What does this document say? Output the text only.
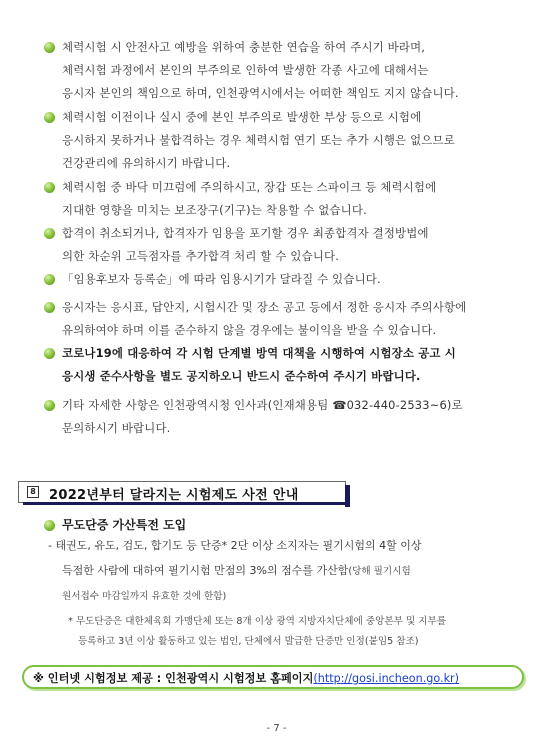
체력시험 시 안전사고 예방을 위하여 충분한 연습을 하여 주시기 바라며,
체력시험 과정에서 본인의 부주의로 인하여 발생한 각종 사고에 대해서는
응시자 본인의 책임으로 하며, 인천광역시에서는 어떠한 책임도 지지 않습니다.
체력시험 이전이나 실시 중에 본인 부주의로 발생한 부상 등으로 시험에
응시하지 못하거나 불합격하는 경우 체력시험 연기 또는 추가 시행은 없으므로
건강관리에 유의하시기 바랍니다.
체력시험 중 바닥 미끄럼에 주의하시고, 장갑 또는 스파이크 등 체력시험에
지대한 영향을 미치는 보조장구(기구)는 착용할 수 없습니다.
합격이 취소되거나, 합격자가 임용을 포기할 경우 최종합격자 결정방법에
의한 차순위 고득점자를 추가합격 처리 할 수 있습니다.
「임용후보자 등록순」에 따라 임용시기가 달라질 수 있습니다.
응시자는 응시표, 답안지, 시험시간 및 장소 공고 등에서 정한 응시자 주의사항에
유의하여야 하며 이를 준수하지 않을 경우에는 불이익을 받을 수 있습니다.
코로나19에 대응하여 각 시험 단계별 방역 대책을 시행하여 시험장소 공고 시
응시생 준수사항을 별도 공지하오니 반드시 준수하여 주시기 바랍니다.
기타 자세한 사항은 인천광역시청 인사과(인재채용팀 ☎032-440-2533~6)로
문의하시기 바랍니다.
8 2022년부터 달라지는 시험제도 사전 안내
무도단증 가산특전 도입
- 태권도, 유도, 검도, 합기도 등 단증* 2단 이상 소지자는 필기시험의 4할 이상
득점한 사람에 대하여 필기시험 만점의 3%의 점수를 가산함(당해 필기시험
원서접수 마감일까지 유효한 것에 한함)
* 무도단증은 대한체육회 가맹단체 또는 8개 이상 광역 지방자치단체에 중앙본부 및 지부를
등록하고 3년 이상 활동하고 있는 법인, 단체에서 발급한 단증만 인정(붙임5 참조)
※ 인터넷 시험정보 제공 : 인천광역시 시험정보 홈페이지(http://gosi.incheon.go.kr)
- 7 -
